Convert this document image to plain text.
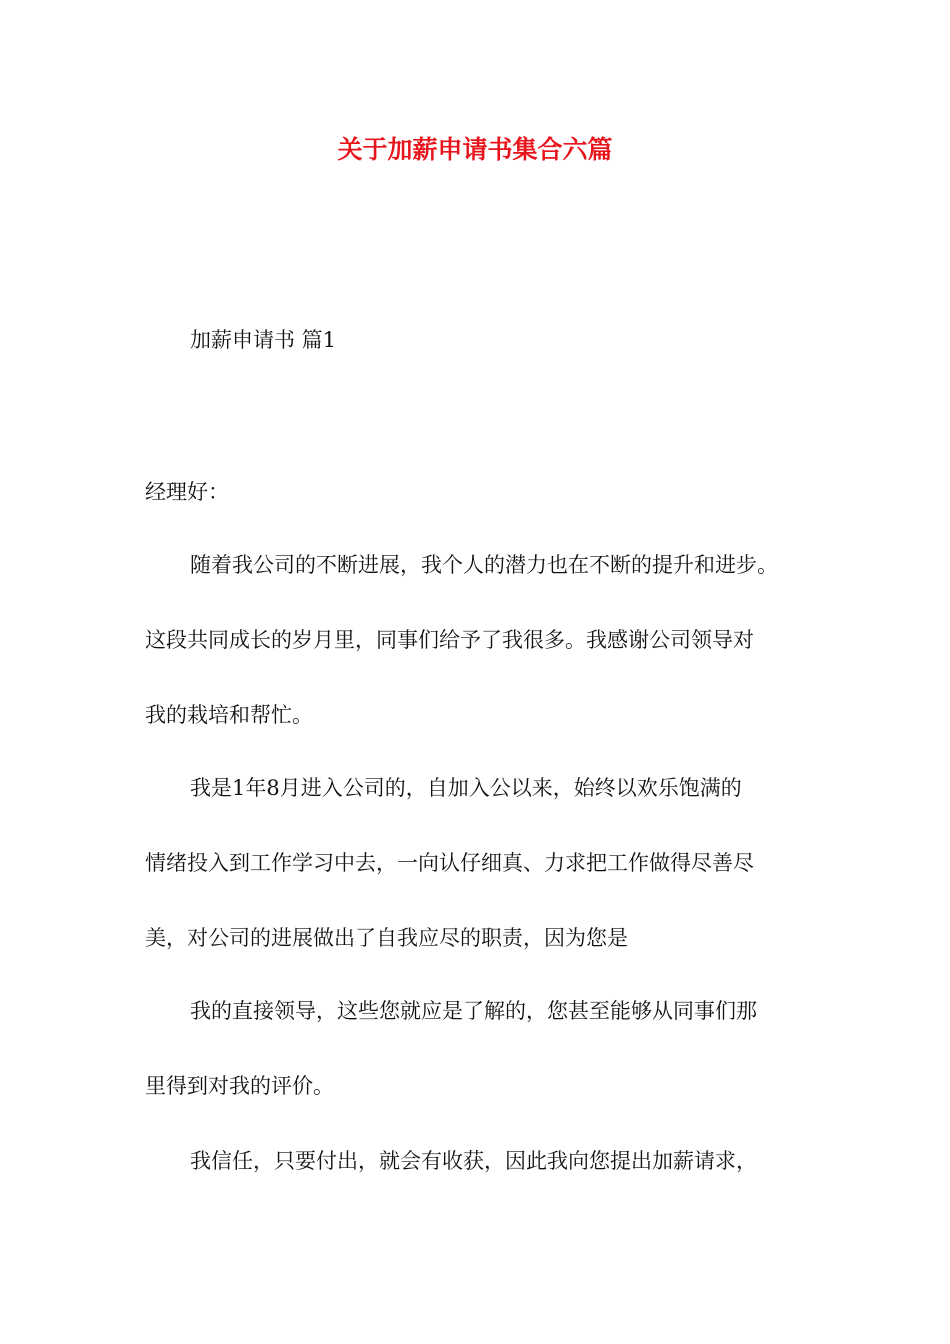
关于加薪申请书集合六篇

加薪申请书 篇1

经理好：

随着我公司的不断进展，我个人的潜力也在不断的提升和进步。

这段共同成长的岁月里，同事们给予了我很多。我感谢公司领导对

我的栽培和帮忙。

我是1年8月进入公司的，自加入公以来，始终以欢乐饱满的

情绪投入到工作学习中去，一向认仔细真、力求把工作做得尽善尽

美，对公司的进展做出了自我应尽的职责，因为您是

我的直接领导，这些您就应是了解的，您甚至能够从同事们那

里得到对我的评价。

我信任，只要付出，就会有收获，因此我向您提出加薪请求，
